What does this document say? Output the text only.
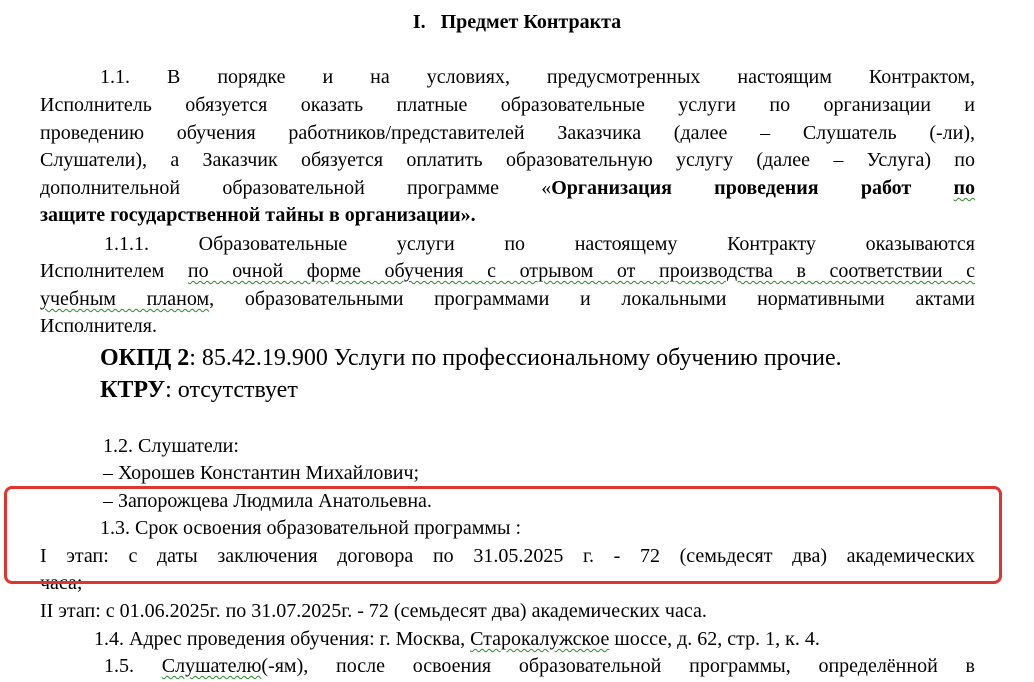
I. Предмет Контракта
1.1. В порядке и на условиях, предусмотренных настоящим Контрактом,
Исполнитель обязуется оказать платные образовательные услуги по организации и
проведению обучения работников/представителей Заказчика (далее – Слушатель (-ли),
Слушатели), а Заказчик обязуется оплатить образовательную услугу (далее – Услуга) по
дополнительной образовательной программе «Организация проведения работ по
защите государственной тайны в организации».
1.1.1. Образовательные услуги по настоящему Контракту оказываются
Исполнителем по очной форме обучения с отрывом от производства в соответствии с
учебным планом, образовательными программами и локальными нормативными актами
Исполнителя.
ОКПД 2: 85.42.19.900 Услуги по профессиональному обучению прочие.
КТРУ: отсутствует
1.2. Слушатели:
– Хорошев Константин Михайлович;
– Запорожцева Людмила Анатольевна.
1.3. Срок освоения образовательной программы :
I этап: с даты заключения договора по 31.05.2025 г. - 72 (семьдесят два) академических
часа;
II этап: с 01.06.2025г. по 31.07.2025г. - 72 (семьдесят два) академических часа.
1.4. Адрес проведения обучения: г. Москва, Старокалужское шоссе, д. 62, стр. 1, к. 4.
1.5. Слушателю(-ям), после освоения образовательной программы, определённой в
